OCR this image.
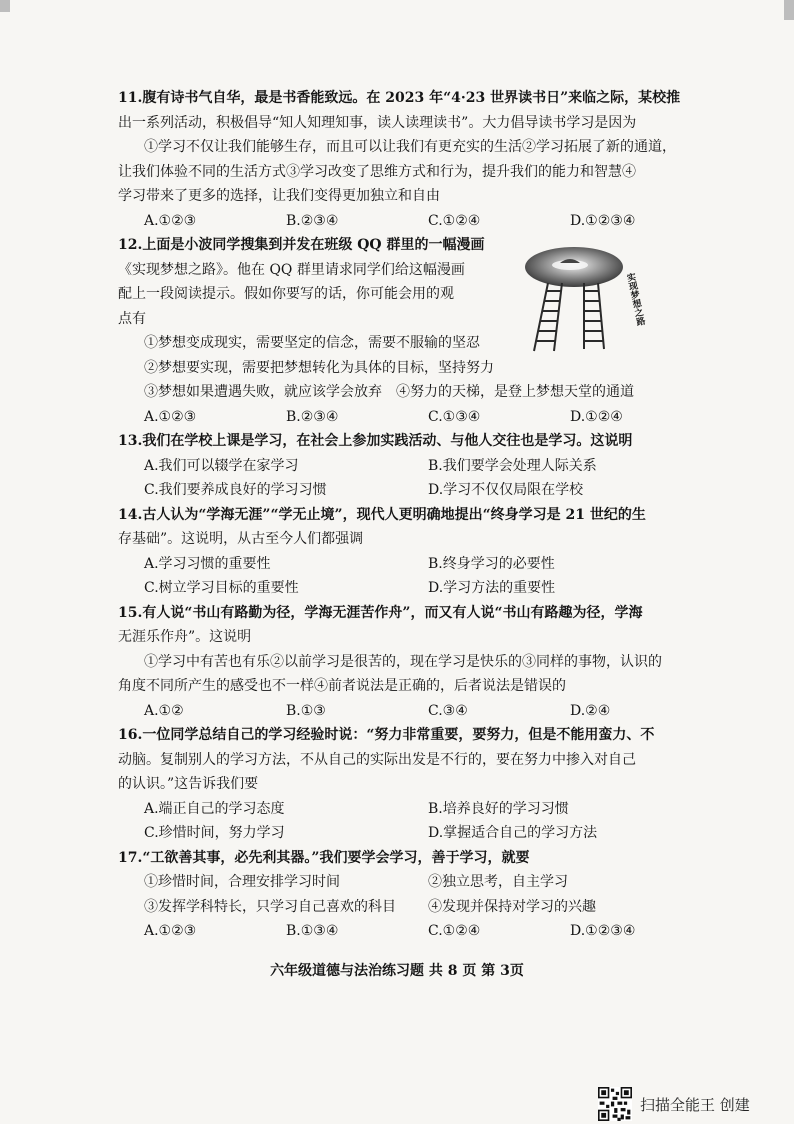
11.腹有诗书气自华，最是书香能致远。在 2023 年“4·23 世界读书日”来临之际，某校推
出一系列活动，积极倡导“知人知理知事，读人读理读书”。大力倡导读书学习是因为
①学习不仅让我们能够生存，而且可以让我们有更充实的生活②学习拓展了新的通道，
让我们体验不同的生活方式③学习改变了思维方式和行为，提升我们的能力和智慧④
学习带来了更多的选择，让我们变得更加独立和自由
A.①②③	B.②③④	C.①②④	D.①②③④
12.上面是小波同学搜集到并发在班级 QQ 群里的一幅漫画
《实现梦想之路》。他在 QQ 群里请求同学们给这幅漫画
配上一段阅读提示。假如你要写的话，你可能会用的观
点有
①梦想变成现实，需要坚定的信念，需要不服输的坚忍
②梦想要实现，需要把梦想转化为具体的目标，坚持努力
③梦想如果遭遇失败，就应该学会放弃　④努力的天梯，是登上梦想天堂的通道
A.①②③	B.②③④	C.①③④	D.①②④
13.我们在学校上课是学习，在社会上参加实践活动、与他人交往也是学习。这说明
A.我们可以辍学在家学习	B.我们要学会处理人际关系
C.我们要养成良好的学习习惯	D.学习不仅仅局限在学校
14.古人认为“学海无涯”“学无止境”，现代人更明确地提出“终身学习是 21 世纪的生
存基础”。这说明，从古至今人们都强调
A.学习习惯的重要性	B.终身学习的必要性
C.树立学习目标的重要性	D.学习方法的重要性
15.有人说“书山有路勤为径，学海无涯苦作舟”，而又有人说“书山有路趣为径，学海
无涯乐作舟”。这说明
①学习中有苦也有乐②以前学习是很苦的，现在学习是快乐的③同样的事物，认识的
角度不同所产生的感受也不一样④前者说法是正确的，后者说法是错误的
A.①②	B.①③	C.③④	D.②④
16.一位同学总结自己的学习经验时说：“努力非常重要，要努力，但是不能用蛮力、不
动脑。复制别人的学习方法，不从自己的实际出发是不行的，要在努力中掺入对自己
的认识。”这告诉我们要
A.端正自己的学习态度	B.培养良好的学习习惯
C.珍惜时间，努力学习	D.掌握适合自己的学习方法
17.“工欲善其事，必先利其器。”我们要学会学习，善于学习，就要
①珍惜时间，合理安排学习时间	②独立思考，自主学习
③发挥学科特长，只学习自己喜欢的科目	④发现并保持对学习的兴趣
A.①②③	B.①③④	C.①②④	D.①②③④
实现梦想之路
六年级道德与法治练习题 共 8 页 第 3页
扫描全能王 创建
